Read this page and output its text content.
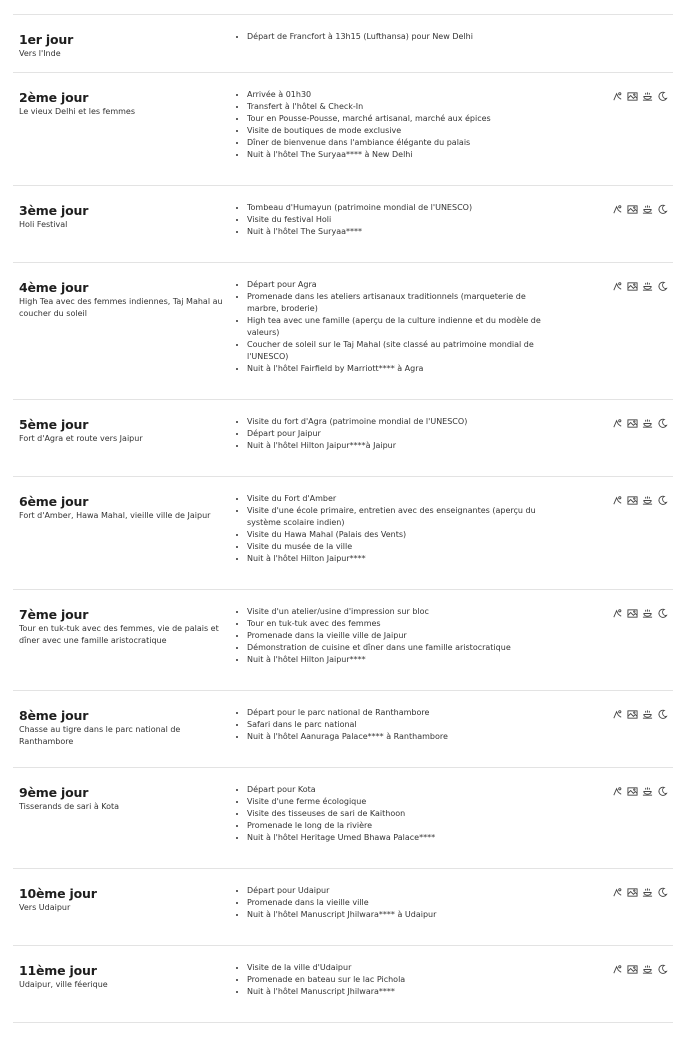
1er jour
Vers l'Inde
• Départ de Francfort à 13h15 (Lufthansa) pour New Delhi
2ème jour
Le vieux Delhi et les femmes
• Arrivée à 01h30
• Transfert à l'hôtel & Check-In
• Tour en Pousse-Pousse, marché artisanal, marché aux épices
• Visite de boutiques de mode exclusive
• Dîner de bienvenue dans l'ambiance élégante du palais
• Nuit à l'hôtel The Suryaa**** à New Delhi
3ème jour
Holi Festival
• Tombeau d'Humayun (patrimoine mondial de l'UNESCO)
• Visite du festival Holi
• Nuit à l'hôtel The Suryaa****
4ème jour
High Tea avec des femmes indiennes, Taj Mahal au coucher du soleil
• Départ pour Agra
• Promenade dans les ateliers artisanaux traditionnels (marqueterie de marbre, broderie)
• High tea avec une famille (aperçu de la culture indienne et du modèle de valeurs)
• Coucher de soleil sur le Taj Mahal (site classé au patrimoine mondial de l'UNESCO)
• Nuit à l'hôtel Fairfield by Marriott**** à Agra
5ème jour
Fort d'Agra et route vers Jaipur
• Visite du fort d'Agra (patrimoine mondial de l'UNESCO)
• Départ pour Jaipur
• Nuit à l'hôtel Hilton Jaipur****à Jaipur
6ème jour
Fort d'Amber, Hawa Mahal, vieille ville de Jaipur
• Visite du Fort d'Amber
• Visite d'une école primaire, entretien avec des enseignantes (aperçu du système scolaire indien)
• Visite du Hawa Mahal (Palais des Vents)
• Visite du musée de la ville
• Nuit à l'hôtel Hilton Jaipur****
7ème jour
Tour en tuk-tuk avec des femmes, vie de palais et dîner avec une famille aristocratique
• Visite d'un atelier/usine d'impression sur bloc
• Tour en tuk-tuk avec des femmes
• Promenade dans la vieille ville de Jaipur
• Démonstration de cuisine et dîner dans une famille aristocratique
• Nuit à l'hôtel Hilton Jaipur****
8ème jour
Chasse au tigre dans le parc national de Ranthambore
• Départ pour le parc national de Ranthambore
• Safari dans le parc national
• Nuit à l'hôtel Aanuraga Palace**** à Ranthambore
9ème jour
Tisserands de sari à Kota
• Départ pour Kota
• Visite d'une ferme écologique
• Visite des tisseuses de sari de Kaithoon
• Promenade le long de la rivière
• Nuit à l'hôtel Heritage Umed Bhawa Palace****
10ème jour
Vers Udaipur
• Départ pour Udaipur
• Promenade dans la vieille ville
• Nuit à l'hôtel Manuscript Jhilwara**** à Udaipur
11ème jour
Udaipur, ville féerique
• Visite de la ville d'Udaipur
• Promenade en bateau sur le lac Pichola
• Nuit à l'hôtel Manuscript Jhilwara****
